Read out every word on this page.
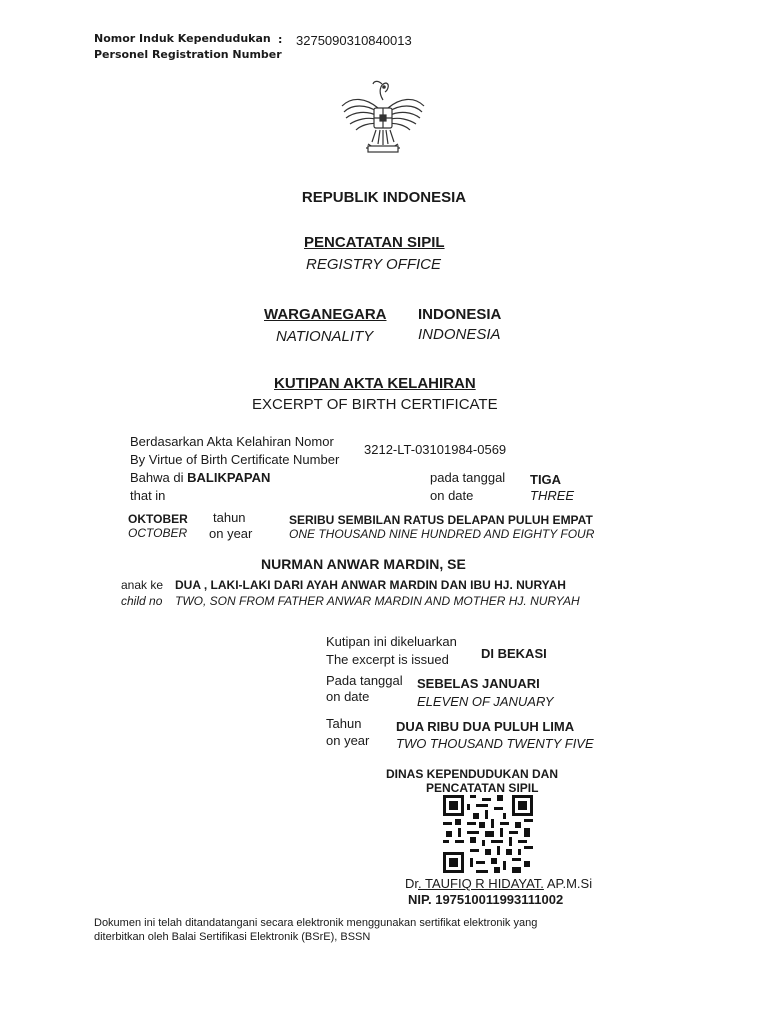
Nomor Induk Kependudukan
Personel Registration Number
: 3275090310840013
REPUBLIK INDONESIA
PENCATATAN SIPIL
REGISTRY OFFICE
WARGANEGARA
NATIONALITY
INDONESIA
INDONESIA
KUTIPAN AKTA KELAHIRAN
EXCERPT OF BIRTH CERTIFICATE
Berdasarkan Akta Kelahiran Nomor
By Virtue of Birth Certificate Number
3212-LT-03101984-0569
Bahwa di BALIKPAPAN
that in
pada tanggal
on date
TIGA
THREE
OKTOBER
OCTOBER
tahun
on year
SERIBU SEMBILAN RATUS DELAPAN PULUH EMPAT
ONE THOUSAND NINE HUNDRED AND EIGHTY FOUR
NURMAN ANWAR MARDIN, SE
anak ke
child no
DUA , LAKI-LAKI DARI AYAH ANWAR MARDIN DAN IBU HJ. NURYAH
TWO, SON FROM FATHER ANWAR MARDIN AND MOTHER HJ. NURYAH
Kutipan ini dikeluarkan
The excerpt is issued DI BEKASI
Pada tanggal
on date
SEBELAS JANUARI
ELEVEN OF JANUARY
Tahun
on year
DUA RIBU DUA PULUH LIMA
TWO THOUSAND TWENTY FIVE
DINAS KEPENDUDUKAN DAN
PENCATATAN SIPIL
Dr. TAUFIQ R HIDAYAT. AP.M.Si
NIP. 197510011993111002
Dokumen ini telah ditandatangani secara elektronik menggunakan sertifikat elektronik yang
diterbitkan oleh Balai Sertifikasi Elektronik (BSrE), BSSN
